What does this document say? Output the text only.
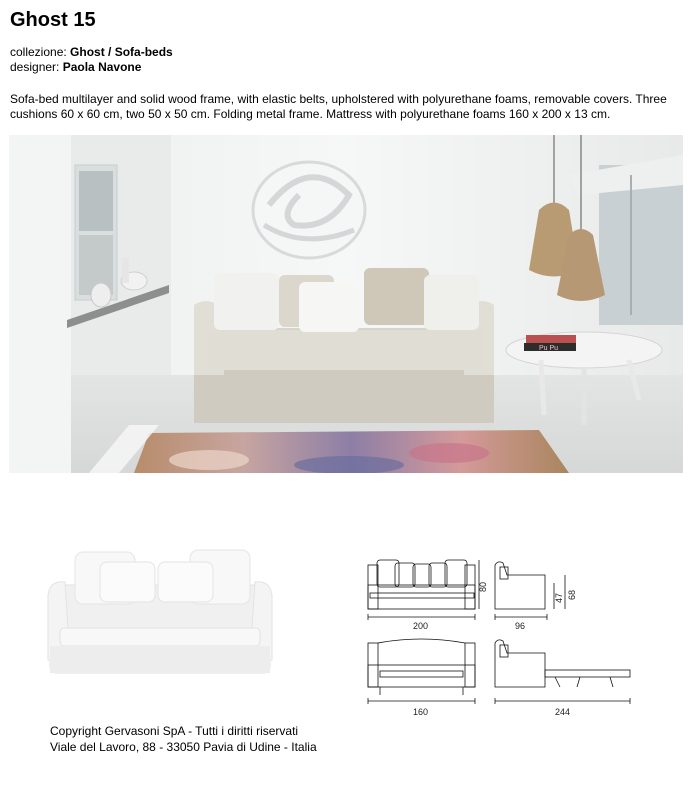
Ghost 15
collezione: Ghost / Sofa-beds
designer: Paola Navone
Sofa-bed multilayer and solid wood frame, with elastic belts, upholstered with polyurethane foams, removable covers. Three cushions 60 x 60 cm, two 50 x 50 cm. Folding metal frame. Mattress with polyurethane foams 160 x 200 x 13 cm.
Pu Pu
200
80
96
47 68
160	244
Copyright Gervasoni SpA - Tutti i diritti riservati
Viale del Lavoro, 88 - 33050 Pavia di Udine - Italia
